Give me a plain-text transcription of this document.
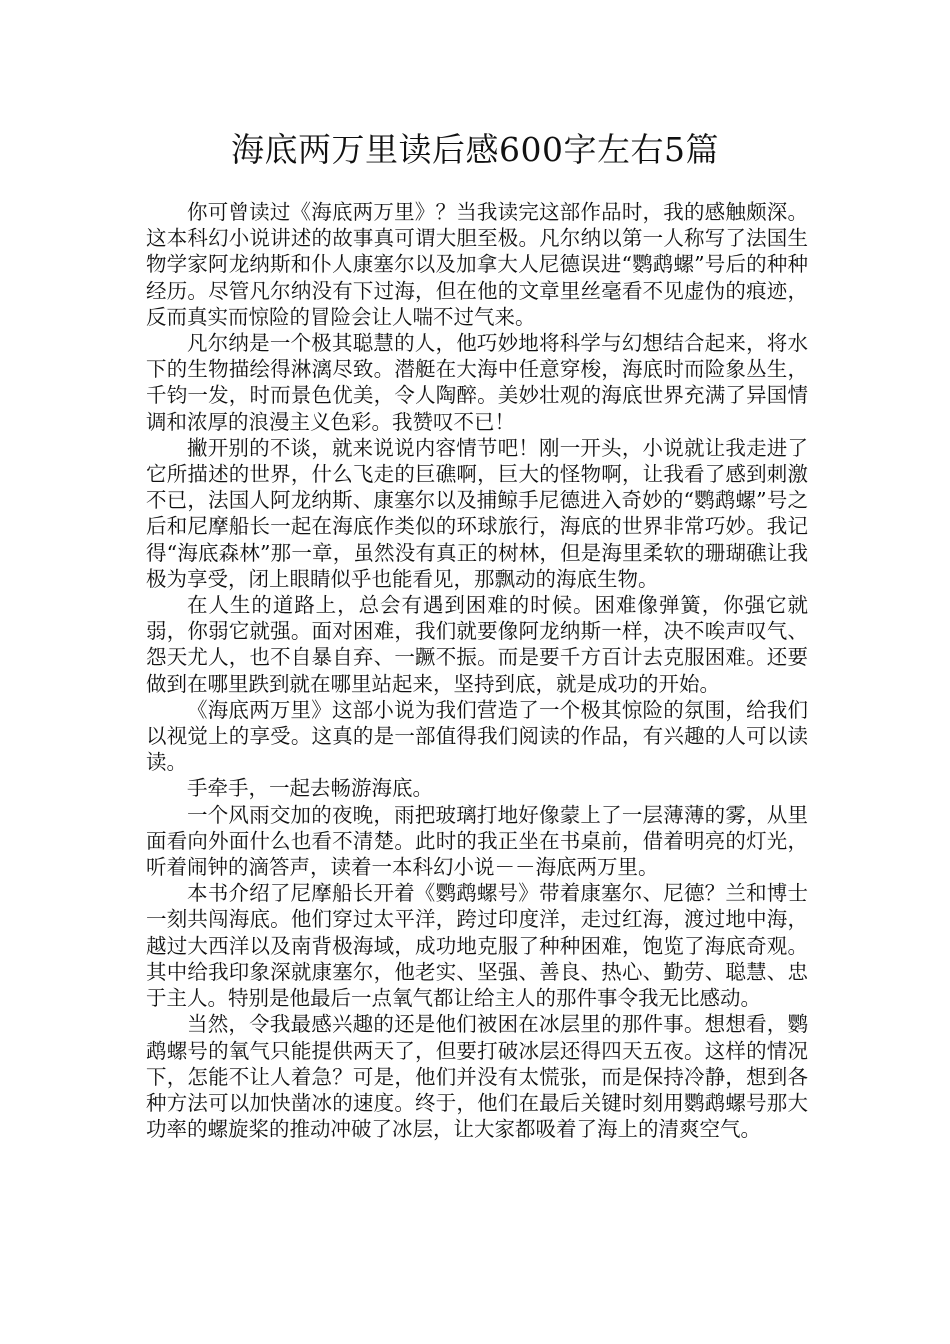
海底两万里读后感600字左右5篇

你可曾读过《海底两万里》？当我读完这部作品时，我的感触颇深。这本科幻小说讲述的故事真可谓大胆至极。凡尔纳以第一人称写了法国生物学家阿龙纳斯和仆人康塞尔以及加拿大人尼德误进“鹦鹉螺”号后的种种经历。尽管凡尔纳没有下过海，但在他的文章里丝毫看不见虚伪的痕迹，反而真实而惊险的冒险会让人喘不过气来。

凡尔纳是一个极其聪慧的人，他巧妙地将科学与幻想结合起来，将水下的生物描绘得淋漓尽致。潜艇在大海中任意穿梭，海底时而险象丛生，千钧一发，时而景色优美，令人陶醉。美妙壮观的海底世界充满了异国情调和浓厚的浪漫主义色彩。我赞叹不已！

撇开别的不谈，就来说说内容情节吧！刚一开头，小说就让我走进了它所描述的世界，什么飞走的巨礁啊，巨大的怪物啊，让我看了感到刺激不已，法国人阿龙纳斯、康塞尔以及捕鲸手尼德进入奇妙的“鹦鹉螺”号之后和尼摩船长一起在海底作类似的环球旅行，海底的世界非常巧妙。我记得“海底森林”那一章，虽然没有真正的树林，但是海里柔软的珊瑚礁让我极为享受，闭上眼睛似乎也能看见，那飘动的海底生物。

在人生的道路上，总会有遇到困难的时候。困难像弹簧，你强它就弱，你弱它就强。面对困难，我们就要像阿龙纳斯一样，决不唉声叹气、怨天尤人，也不自暴自弃、一蹶不振。而是要千方百计去克服困难。还要做到在哪里跌到就在哪里站起来，坚持到底，就是成功的开始。

《海底两万里》这部小说为我们营造了一个极其惊险的氛围，给我们以视觉上的享受。这真的是一部值得我们阅读的作品，有兴趣的人可以读读。

手牵手，一起去畅游海底。

一个风雨交加的夜晚，雨把玻璃打地好像蒙上了一层薄薄的雾，从里面看向外面什么也看不清楚。此时的我正坐在书桌前，借着明亮的灯光，听着闹钟的滴答声，读着一本科幻小说－－海底两万里。

本书介绍了尼摩船长开着《鹦鹉螺号》带着康塞尔、尼德？兰和博士一刻共闯海底。他们穿过太平洋，跨过印度洋，走过红海，渡过地中海，越过大西洋以及南背极海域，成功地克服了种种困难，饱览了海底奇观。其中给我印象深就康塞尔，他老实、坚强、善良、热心、勤劳、聪慧、忠于主人。特别是他最后一点氧气都让给主人的那件事令我无比感动。

当然，令我最感兴趣的还是他们被困在冰层里的那件事。想想看，鹦鹉螺号的氧气只能提供两天了，但要打破冰层还得四天五夜。这样的情况下，怎能不让人着急？可是，他们并没有太慌张，而是保持冷静，想到各种方法可以加快凿冰的速度。终于，他们在最后关键时刻用鹦鹉螺号那大功率的螺旋桨的推动冲破了冰层，让大家都吸着了海上的清爽空气。
